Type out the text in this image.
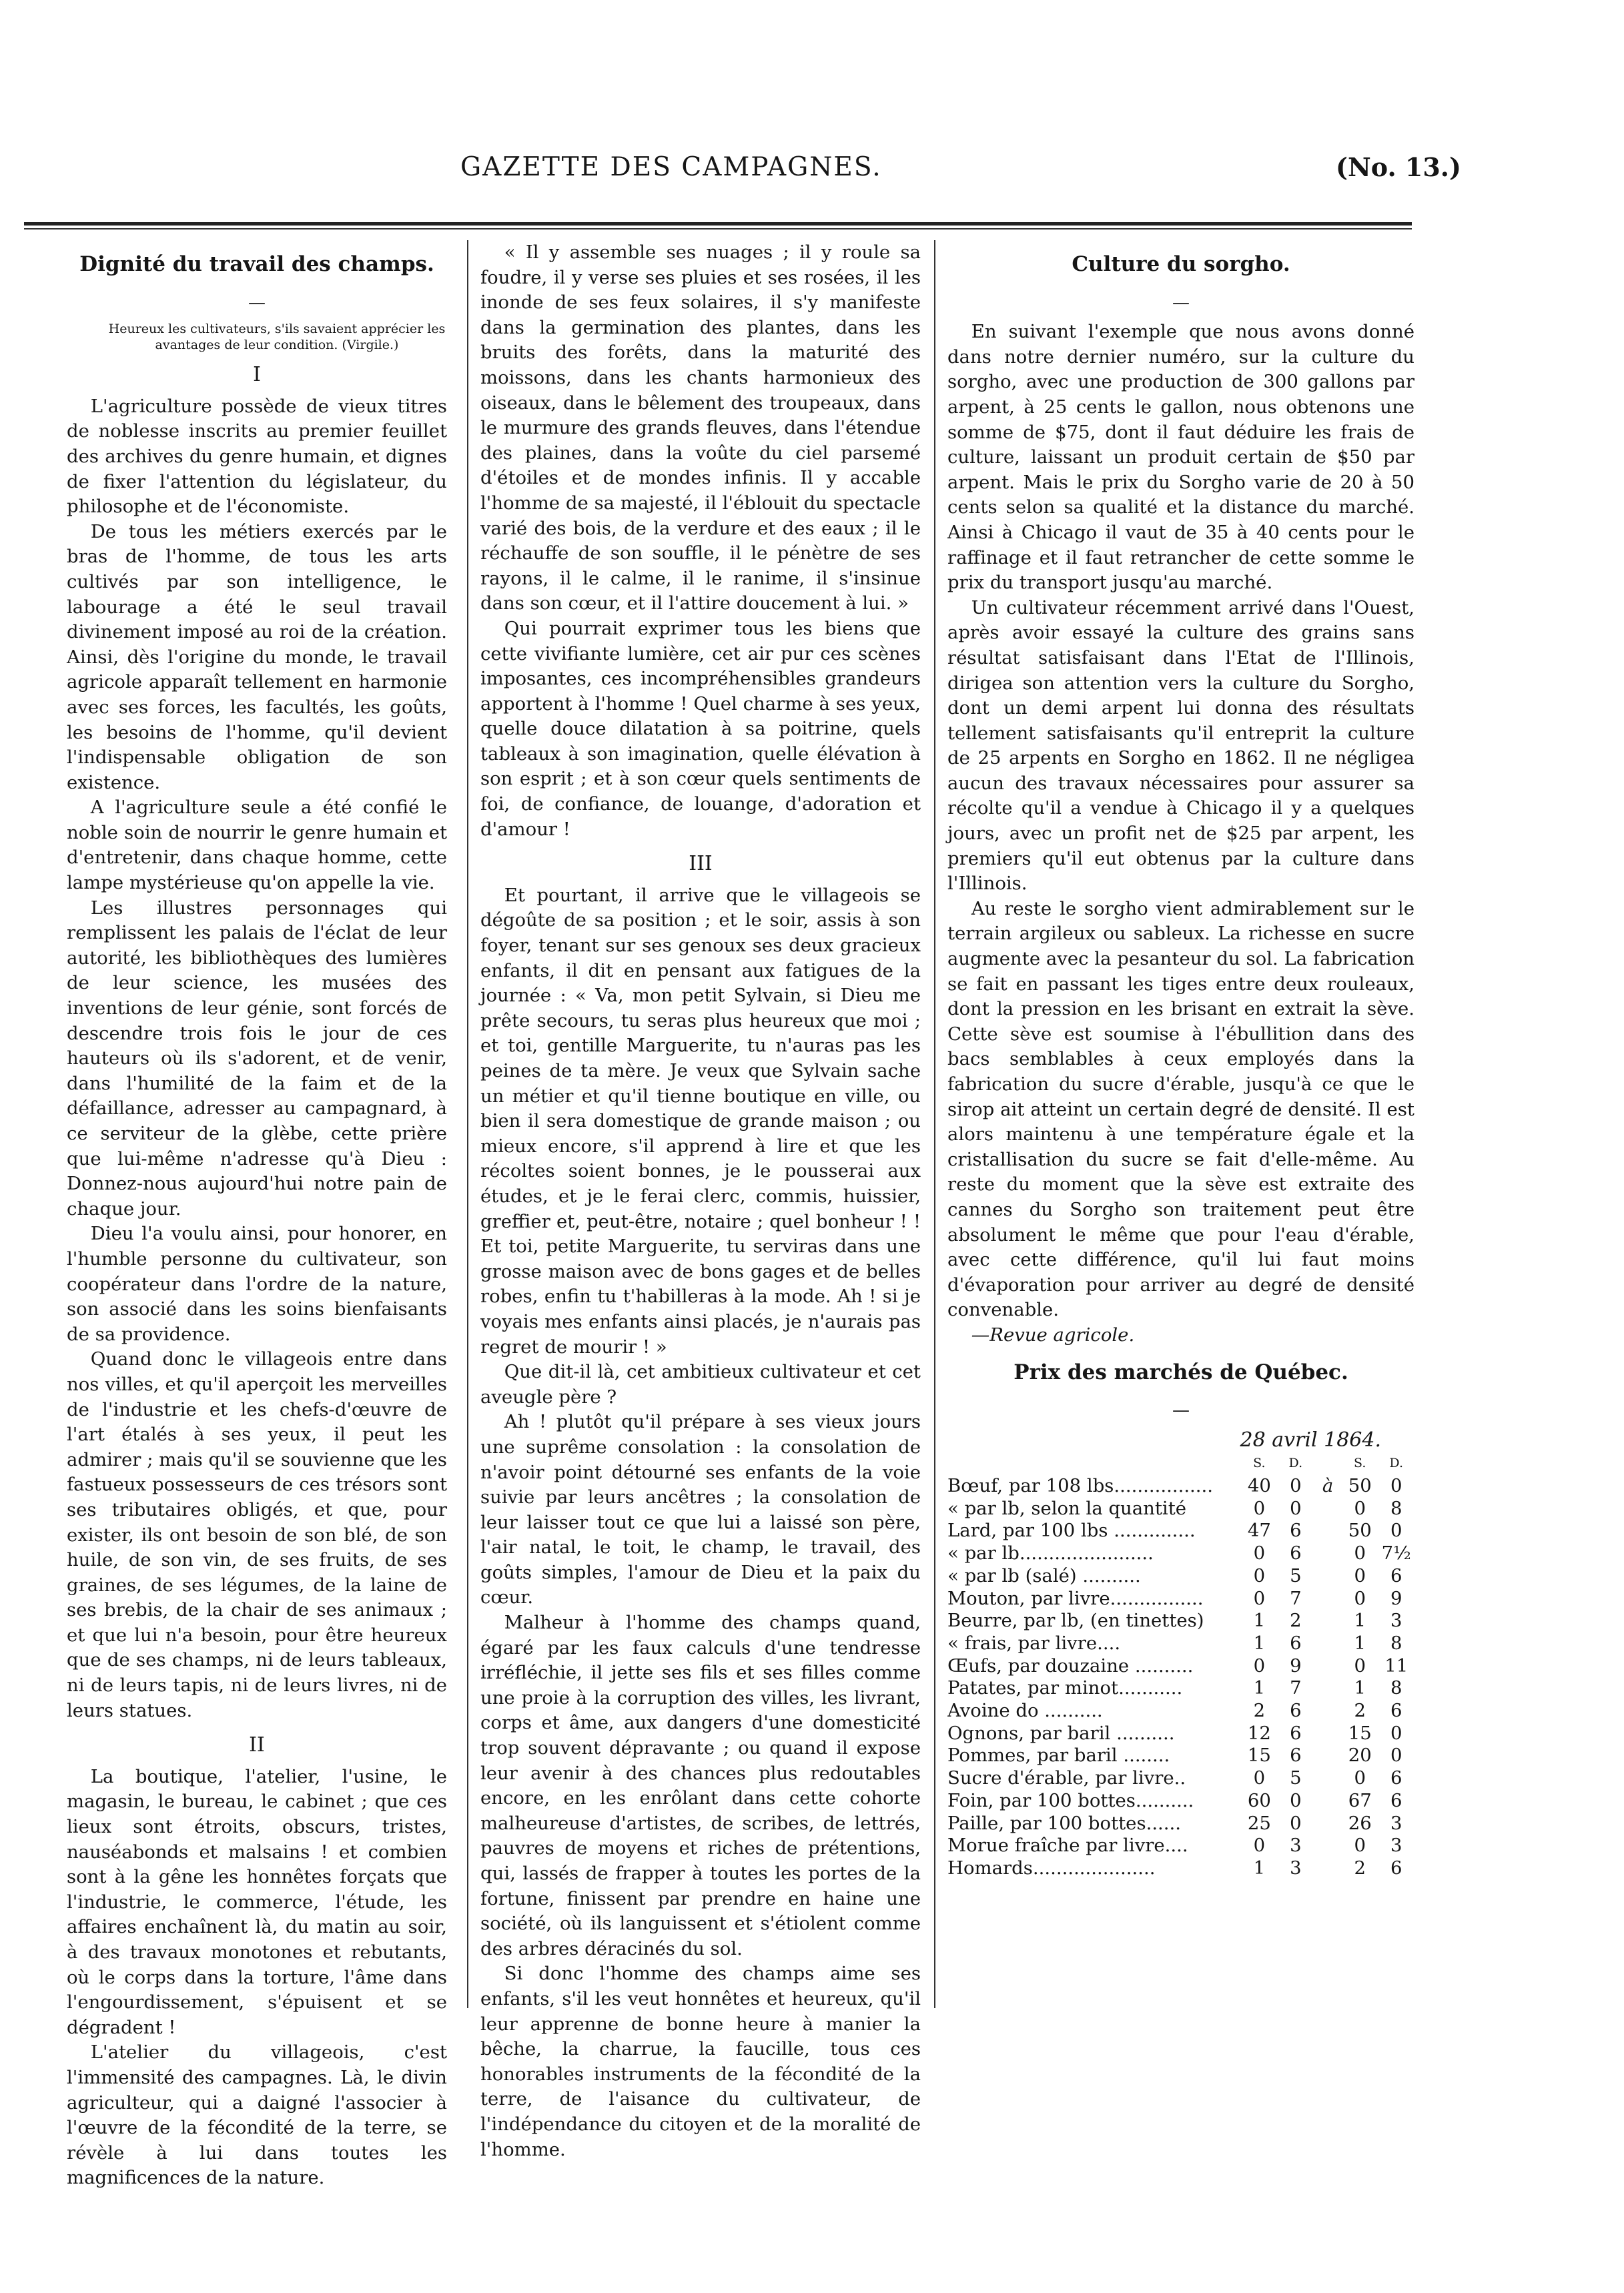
GAZETTE DES CAMPAGNES.	(No. 13.)
Dignité du travail des champs.
—
Heureux les cultivateurs, s'ils savaient apprécier les avantages de leur condition. (Virgile.)
I

L'agriculture possède de vieux titres de noblesse inscrits au premier feuillet des archives du genre humain, et dignes de fixer l'attention du législateur, du philosophe et de l'économiste.

De tous les métiers exercés par le bras de l'homme, de tous les arts cultivés par son intelligence, le labourage a été le seul travail divinement imposé au roi de la création. Ainsi, dès l'origine du monde, le travail agricole apparaît tellement en harmonie avec ses forces, les facultés, les goûts, les besoins de l'homme, qu'il devient l'indispensable obligation de son existence.

A l'agriculture seule a été confié le noble soin de nourrir le genre humain et d'entretenir, dans chaque homme, cette lampe mystérieuse qu'on appelle la vie.

Les illustres personnages qui remplissent les palais de l'éclat de leur autorité, les bibliothèques des lumières de leur science, les musées des inventions de leur génie, sont forcés de descendre trois fois le jour de ces hauteurs où ils s'adorent, et de venir, dans l'humilité de la faim et de la défaillance, adresser au campagnard, à ce serviteur de la glèbe, cette prière que lui-même n'adresse qu'à Dieu : Donnez-nous aujourd'hui notre pain de chaque jour.

Dieu l'a voulu ainsi, pour honorer, en l'humble personne du cultivateur, son coopérateur dans l'ordre de la nature, son associé dans les soins bienfaisants de sa providence.

Quand donc le villageois entre dans nos villes, et qu'il aperçoit les merveilles de l'industrie et les chefs-d'œuvre de l'art étalés à ses yeux, il peut les admirer ; mais qu'il se souvienne que les fastueux possesseurs de ces trésors sont ses tributaires obligés, et que, pour exister, ils ont besoin de son blé, de son huile, de son vin, de ses fruits, de ses graines, de ses légumes, de la laine de ses brebis, de la chair de ses animaux ; et que lui n'a besoin, pour être heureux que de ses champs, ni de leurs tableaux, ni de leurs tapis, ni de leurs livres, ni de leurs statues.

II

La boutique, l'atelier, l'usine, le magasin, le bureau, le cabinet ; que ces lieux sont étroits, obscurs, tristes, nauséabonds et malsains ! et combien sont à la gêne les honnêtes forçats que l'industrie, le commerce, l'étude, les affaires enchaînent là, du matin au soir, à des travaux monotones et rebutants, où le corps dans la torture, l'âme dans l'engourdissement, s'épuisent et se dégradent !

L'atelier du villageois, c'est l'immensité des campagnes. Là, le divin agriculteur, qui a daigné l'associer à l'œuvre de la fécondité de la terre, se révèle à lui dans toutes les magnificences de la nature.

« Il y assemble ses nuages ; il y roule sa foudre, il y verse ses pluies et ses rosées, il les inonde de ses feux solaires, il s'y manifeste dans la germination des plantes, dans les bruits des forêts, dans la maturité des moissons, dans les chants harmonieux des oiseaux, dans le bêlement des troupeaux, dans le murmure des grands fleuves, dans l'étendue des plaines, dans la voûte du ciel parsemé d'étoiles et de mondes infinis. Il y accable l'homme de sa majesté, il l'éblouit du spectacle varié des bois, de la verdure et des eaux ; il le réchauffe de son souffle, il le pénètre de ses rayons, il le calme, il le ranime, il s'insinue dans son cœur, et il l'attire doucement à lui. »

Qui pourrait exprimer tous les biens que cette vivifiante lumière, cet air pur ces scènes imposantes, ces incompréhensibles grandeurs apportent à l'homme ! Quel charme à ses yeux, quelle douce dilatation à sa poitrine, quels tableaux à son imagination, quelle élévation à son esprit ; et à son cœur quels sentiments de foi, de confiance, de louange, d'adoration et d'amour !

III

Et pourtant, il arrive que le villageois se dégoûte de sa position ; et le soir, assis à son foyer, tenant sur ses genoux ses deux gracieux enfants, il dit en pensant aux fatigues de la journée : « Va, mon petit Sylvain, si Dieu me prête secours, tu seras plus heureux que moi ; et toi, gentille Marguerite, tu n'auras pas les peines de ta mère. Je veux que Sylvain sache un métier et qu'il tienne boutique en ville, ou bien il sera domestique de grande maison ; ou mieux encore, s'il apprend à lire et que les récoltes soient bonnes, je le pousserai aux études, et je le ferai clerc, commis, huissier, greffier et, peut-être, notaire ; quel bonheur ! ! Et toi, petite Marguerite, tu serviras dans une grosse maison avec de bons gages et de belles robes, enfin tu t'habilleras à la mode. Ah ! si je voyais mes enfants ainsi placés, je n'aurais pas regret de mourir ! »

Que dit-il là, cet ambitieux cultivateur et cet aveugle père ?

Ah ! plutôt qu'il prépare à ses vieux jours une suprême consolation : la consolation de n'avoir point détourné ses enfants de la voie suivie par leurs ancêtres ; la consolation de leur laisser tout ce que lui a laissé son père, l'air natal, le toit, le champ, le travail, des goûts simples, l'amour de Dieu et la paix du cœur.

Malheur à l'homme des champs quand, égaré par les faux calculs d'une tendresse irréfléchie, il jette ses fils et ses filles comme une proie à la corruption des villes, les livrant, corps et âme, aux dangers d'une domesticité trop souvent dépravante ; ou quand il expose leur avenir à des chances plus redoutables encore, en les enrôlant dans cette cohorte malheureuse d'artistes, de scribes, de lettrés, pauvres de moyens et riches de prétentions, qui, lassés de frapper à toutes les portes de la fortune, finissent par prendre en haine une société, où ils languissent et s'étiolent comme des arbres déracinés du sol.

Si donc l'homme des champs aime ses enfants, s'il les veut honnêtes et heureux, qu'il leur apprenne de bonne heure à manier la bêche, la charrue, la faucille, tous ces honorables instruments de la fécondité de la terre, de l'aisance du cultivateur, de l'indépendance du citoyen et de la moralité de l'homme.

Culture du sorgho.
—

En suivant l'exemple que nous avons donné dans notre dernier numéro, sur la culture du sorgho, avec une production de 300 gallons par arpent, à 25 cents le gallon, nous obtenons une somme de $75, dont il faut déduire les frais de culture, laissant un produit certain de $50 par arpent. Mais le prix du Sorgho varie de 20 à 50 cents selon sa qualité et la distance du marché. Ainsi à Chicago il vaut de 35 à 40 cents pour le raffinage et il faut retrancher de cette somme le prix du transport jusqu'au marché.

Un cultivateur récemment arrivé dans l'Ouest, après avoir essayé la culture des grains sans résultat satisfaisant dans l'Etat de l'Illinois, dirigea son attention vers la culture du Sorgho, dont un demi arpent lui donna des résultats tellement satisfaisants qu'il entreprit la culture de 25 arpents en Sorgho en 1862. Il ne négligea aucun des travaux nécessaires pour assurer sa récolte qu'il a vendue à Chicago il y a quelques jours, avec un profit net de $25 par arpent, les premiers qu'il eut obtenus par la culture dans l'Illinois.

Au reste le sorgho vient admirablement sur le terrain argileux ou sableux. La richesse en sucre augmente avec la pesanteur du sol. La fabrication se fait en passant les tiges entre deux rouleaux, dont la pression en les brisant en extrait la sève. Cette sève est soumise à l'ébullition dans des bacs semblables à ceux employés dans la fabrication du sucre d'érable, jusqu'à ce que le sirop ait atteint un certain degré de densité. Il est alors maintenu à une température égale et la cristallisation du sucre se fait d'elle-même. Au reste du moment que la sève est extraite des cannes du Sorgho son traitement peut être absolument le même que pour l'eau d'érable, avec cette différence, qu'il lui faut moins d'évaporation pour arriver au degré de densité convenable.

—Revue agricole.

Prix des marchés de Québec.
—
28 avril 1864.
	S.	D.		S.	D.
Bœuf, par 108 lbs.................	40	0	à	50	0
« par lb, selon la quantité	0	0		0	8
Lard, par 100 lbs ..............	47	6		50	0
« par lb.......................	0	6		0	7½
« par lb (salé) ..........	0	5		0	6
Mouton, par livre................	0	7		0	9
Beurre, par lb, (en tinettes)	1	2		1	3
« frais, par livre....	1	6		1	8
Œufs, par douzaine ..........	0	9		0	11
Patates, par minot...........	1	7		1	8
Avoine do ..........	2	6		2	6
Ognons, par baril ..........	12	6		15	0
Pommes, par baril ........	15	6		20	0
Sucre d'érable, par livre..	0	5		0	6
Foin, par 100 bottes..........	60	0		67	6
Paille, par 100 bottes......	25	0		26	3
Morue fraîche par livre....	0	3		0	3
Homards.....................	1	3		2	6
